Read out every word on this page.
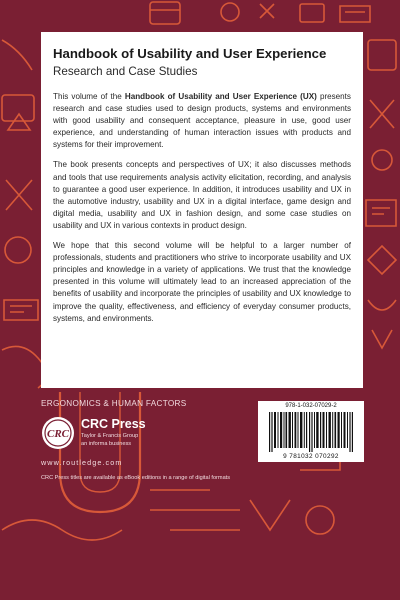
Handbook of Usability and User Experience
Research and Case Studies

This volume of the Handbook of Usability and User Experience (UX) presents research and case studies used to design products, systems and environments with good usability and consequent acceptance, pleasure in use, good user experience, and understanding of human interaction issues with products and systems for their improvement.

The book presents concepts and perspectives of UX; it also discusses methods and tools that use requirements analysis activity elicitation, recording, and analysis to guarantee a good user experience. In addition, it introduces usability and UX in the automotive industry, usability and UX in a digital interface, game design and digital media, usability and UX in fashion design, and some case studies on usability and UX in various contexts in product design.

We hope that this second volume will be helpful to a larger number of professionals, students and practitioners who strive to incorporate usability and UX principles and knowledge in a variety of applications. We trust that the knowledge presented in this volume will ultimately lead to an increased appreciation of the benefits of usability and incorporate the principles of usability and UX knowledge to improve the quality, effectiveness, and efficiency of everyday consumer products, systems, and environments.

ERGONOMICS & HUMAN FACTORS
CRC
CRC Press
Taylor & Francis Group
an informa business
www.routledge.com
CRC Press titles are available as eBook editions in a range of digital formats
978-1-032-07029-2
9 781032 070292
